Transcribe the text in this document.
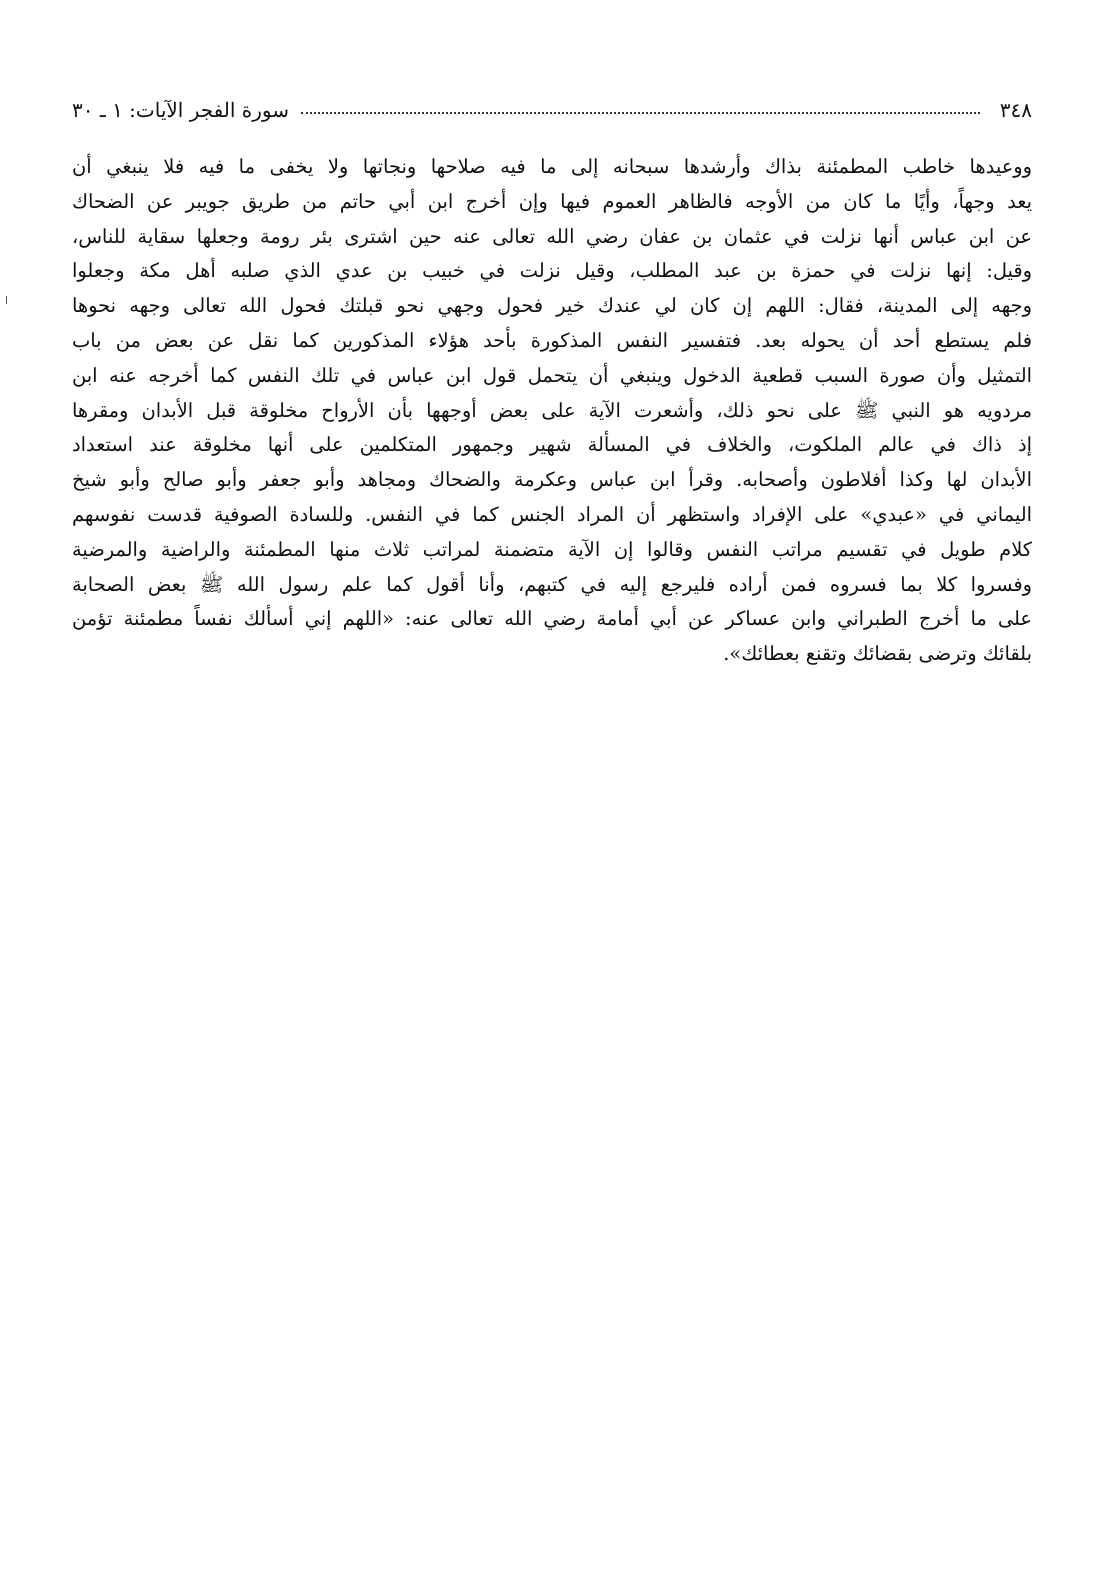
٣٤٨
سورة الفجر الآيات: ١ ـ ٣٠
ووعيدها خاطب المطمئنة بذاك وأرشدها سبحانه إلى ما فيه صلاحها ونجاتها ولا يخفى ما فيه فلا ينبغي أن
يعد وجهاً، وأيًا ما كان من الأوجه فالظاهر العموم فيها وإن أخرج ابن أبي حاتم من طريق جويبر عن الضحاك
عن ابن عباس أنها نزلت في عثمان بن عفان رضي الله تعالى عنه حين اشترى بئر رومة وجعلها سقاية للناس،
وقيل: إنها نزلت في حمزة بن عبد المطلب، وقيل نزلت في خبيب بن عدي الذي صلبه أهل مكة وجعلوا
وجهه إلى المدينة، فقال: اللهم إن كان لي عندك خير فحول وجهي نحو قبلتك فحول الله تعالى وجهه نحوها
فلم يستطع أحد أن يحوله بعد. فتفسير النفس المذكورة بأحد هؤلاء المذكورين كما نقل عن بعض من باب
التمثيل وأن صورة السبب قطعية الدخول وينبغي أن يتحمل قول ابن عباس في تلك النفس كما أخرجه عنه ابن
مردويه هو النبي ﷺ على نحو ذلك، وأشعرت الآية على بعض أوجهها بأن الأرواح مخلوقة قبل الأبدان ومقرها
إذ ذاك في عالم الملكوت، والخلاف في المسألة شهير وجمهور المتكلمين على أنها مخلوقة عند استعداد
الأبدان لها وكذا أفلاطون وأصحابه. وقرأ ابن عباس وعكرمة والضحاك ومجاهد وأبو جعفر وأبو صالح وأبو شيخ
اليماني في «عبدي» على الإفراد واستظهر أن المراد الجنس كما في النفس. وللسادة الصوفية قدست نفوسهم
كلام طويل في تقسيم مراتب النفس وقالوا إن الآية متضمنة لمراتب ثلاث منها المطمئنة والراضية والمرضية
وفسروا كلا بما فسروه فمن أراده فليرجع إليه في كتبهم، وأنا أقول كما علم رسول الله ﷺ بعض الصحابة
على ما أخرج الطبراني وابن عساكر عن أبي أمامة رضي الله تعالى عنه: «اللهم إني أسألك نفساً مطمئنة تؤمن
بلقائك وترضى بقضائك وتقنع بعطائك».
